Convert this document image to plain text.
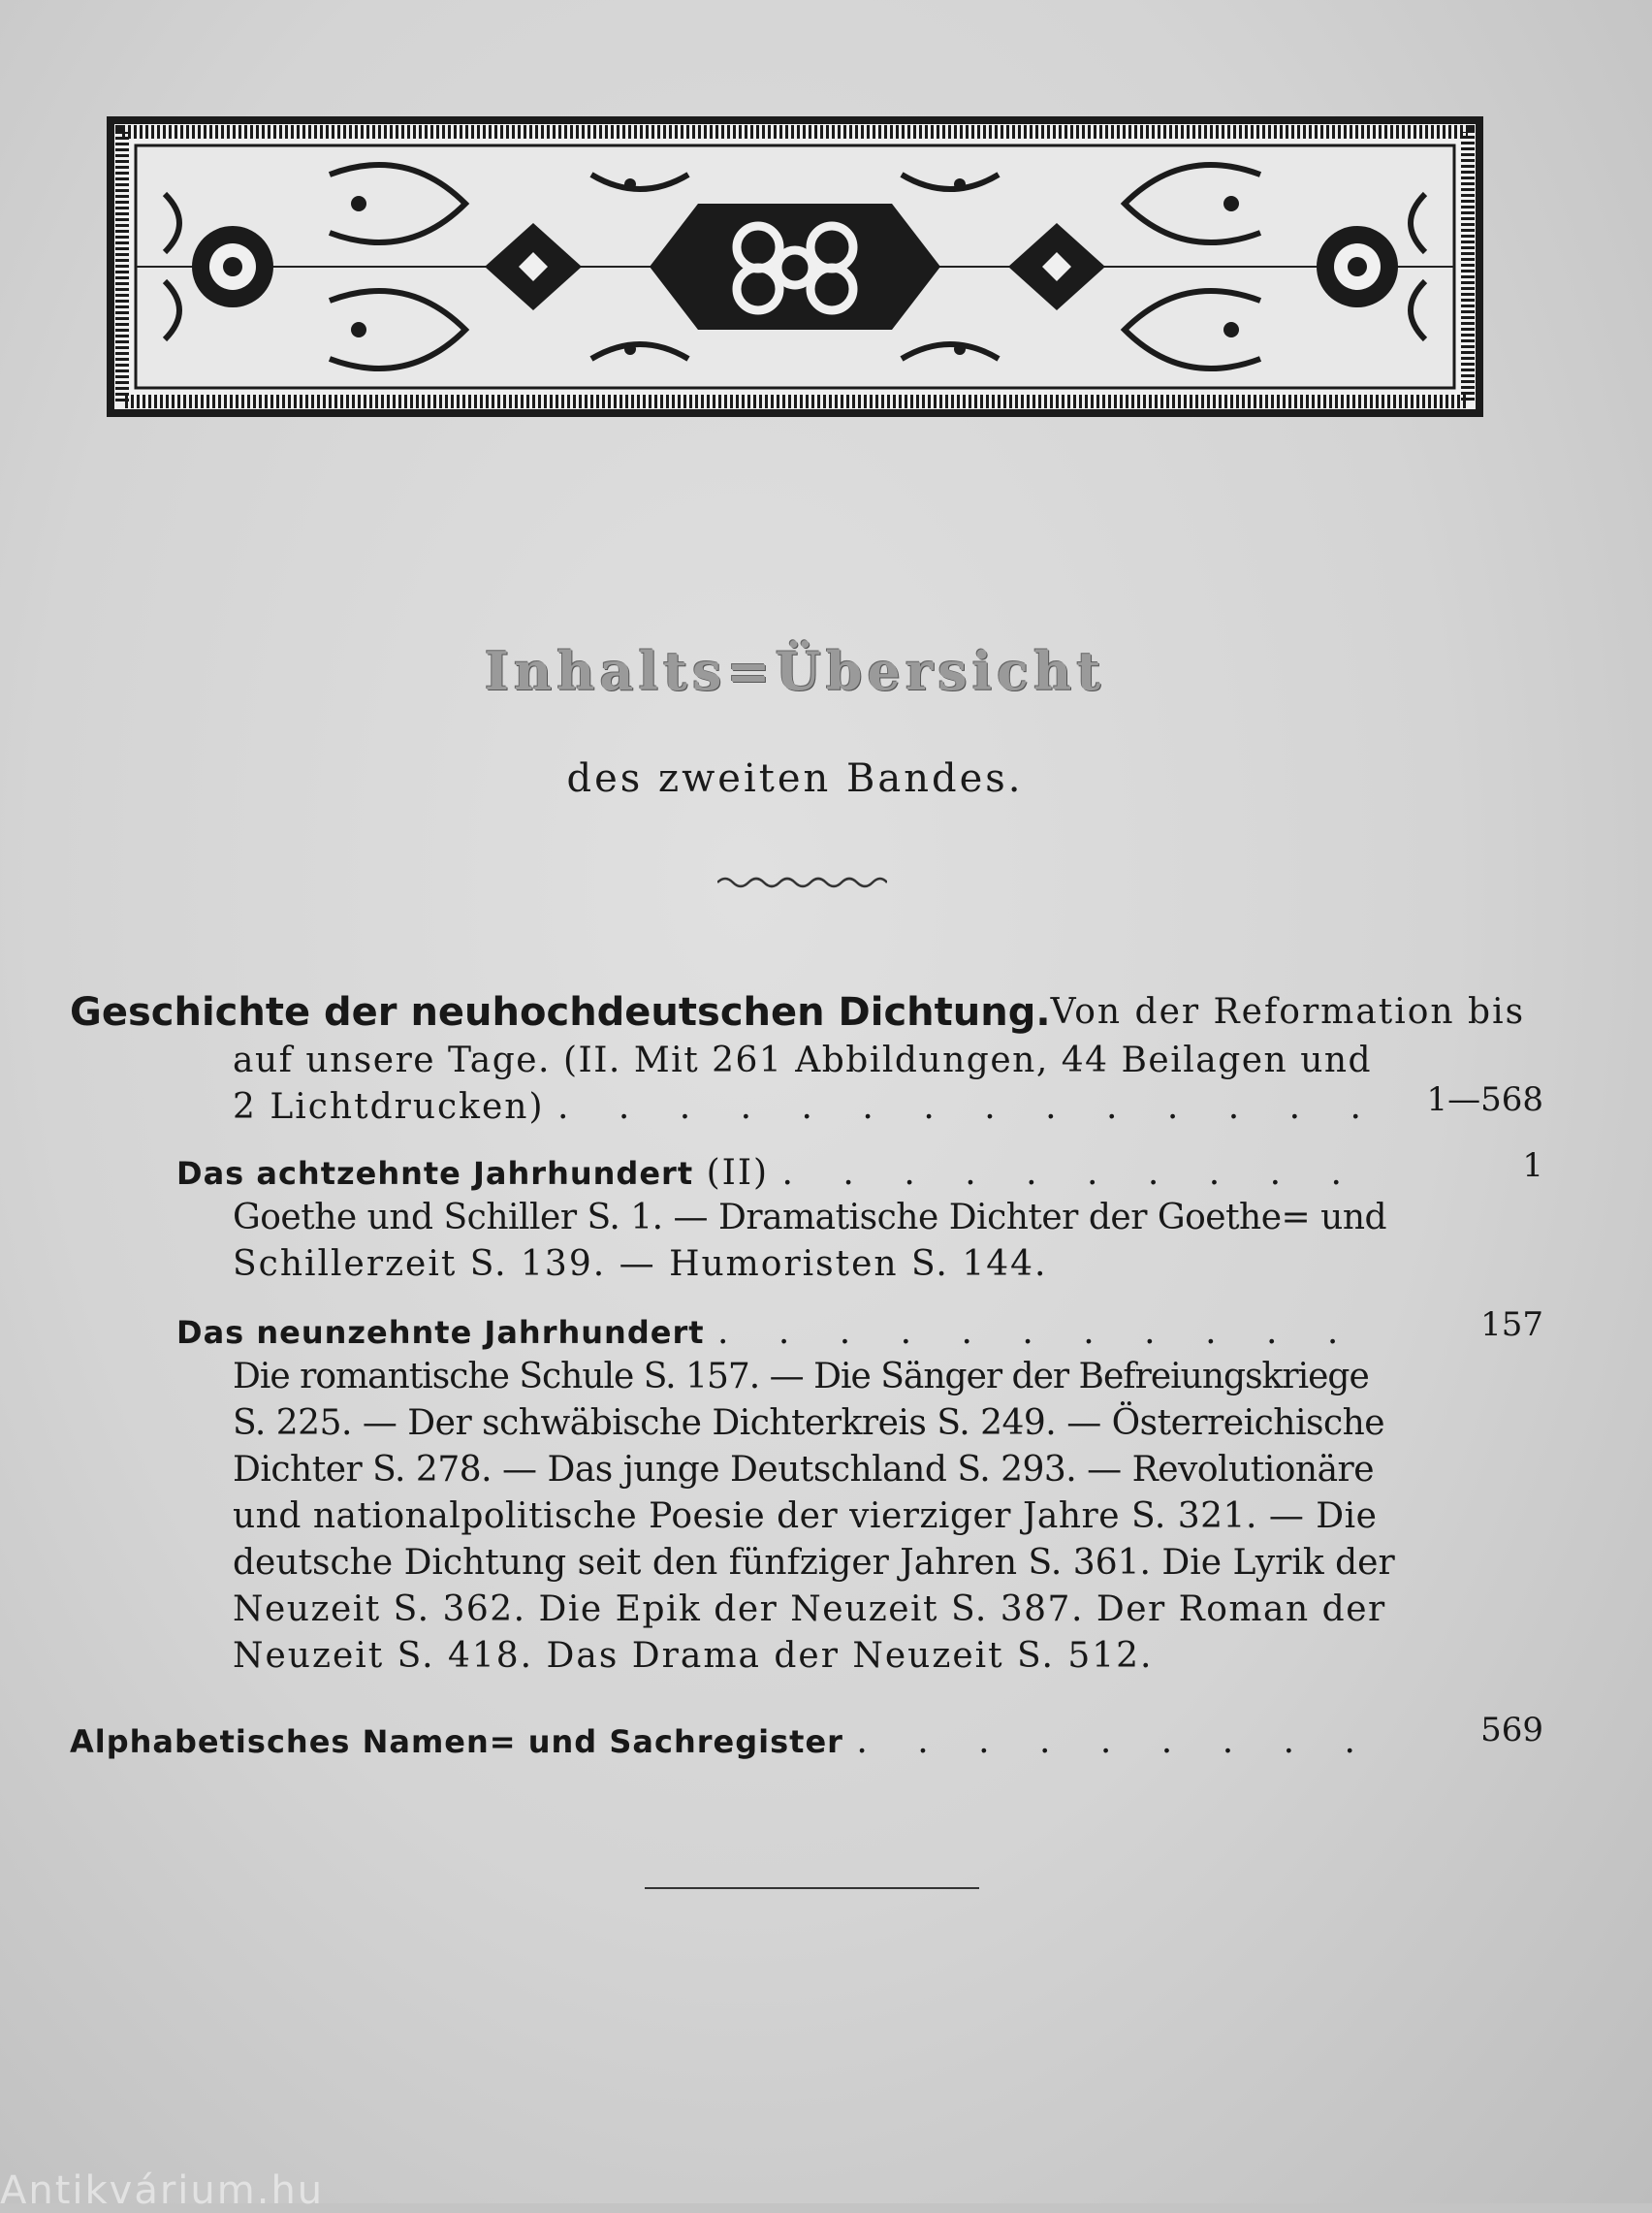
Inhalts=Übersicht
des zweiten Bandes.
Geschichte der neuhochdeutschen Dichtung. Von der Reformation bis
auf unsere Tage. (II. Mit 261 Abbildungen, 44 Beilagen und
2 Lichtdrucken) . . . . . . . . . . . . . .	1—568
Das achtzehnte Jahrhundert (II) . . . . . . . . . .	1
Goethe und Schiller S. 1. — Dramatische Dichter der Goethe= und
Schillerzeit S. 139. — Humoristen S. 144.
Das neunzehnte Jahrhundert . . . . . . . . . . .	157
Die romantische Schule S. 157. — Die Sänger der Befreiungskriege
S. 225. — Der schwäbische Dichterkreis S. 249. — Österreichische
Dichter S. 278. — Das junge Deutschland S. 293. — Revolutionäre
und nationalpolitische Poesie der vierziger Jahre S. 321. — Die
deutsche Dichtung seit den fünfziger Jahren S. 361. Die Lyrik der
Neuzeit S. 362. Die Epik der Neuzeit S. 387. Der Roman der
Neuzeit S. 418. Das Drama der Neuzeit S. 512.
Alphabetisches Namen= und Sachregister . . . . . . . . .	569
Antikvárium.hu
